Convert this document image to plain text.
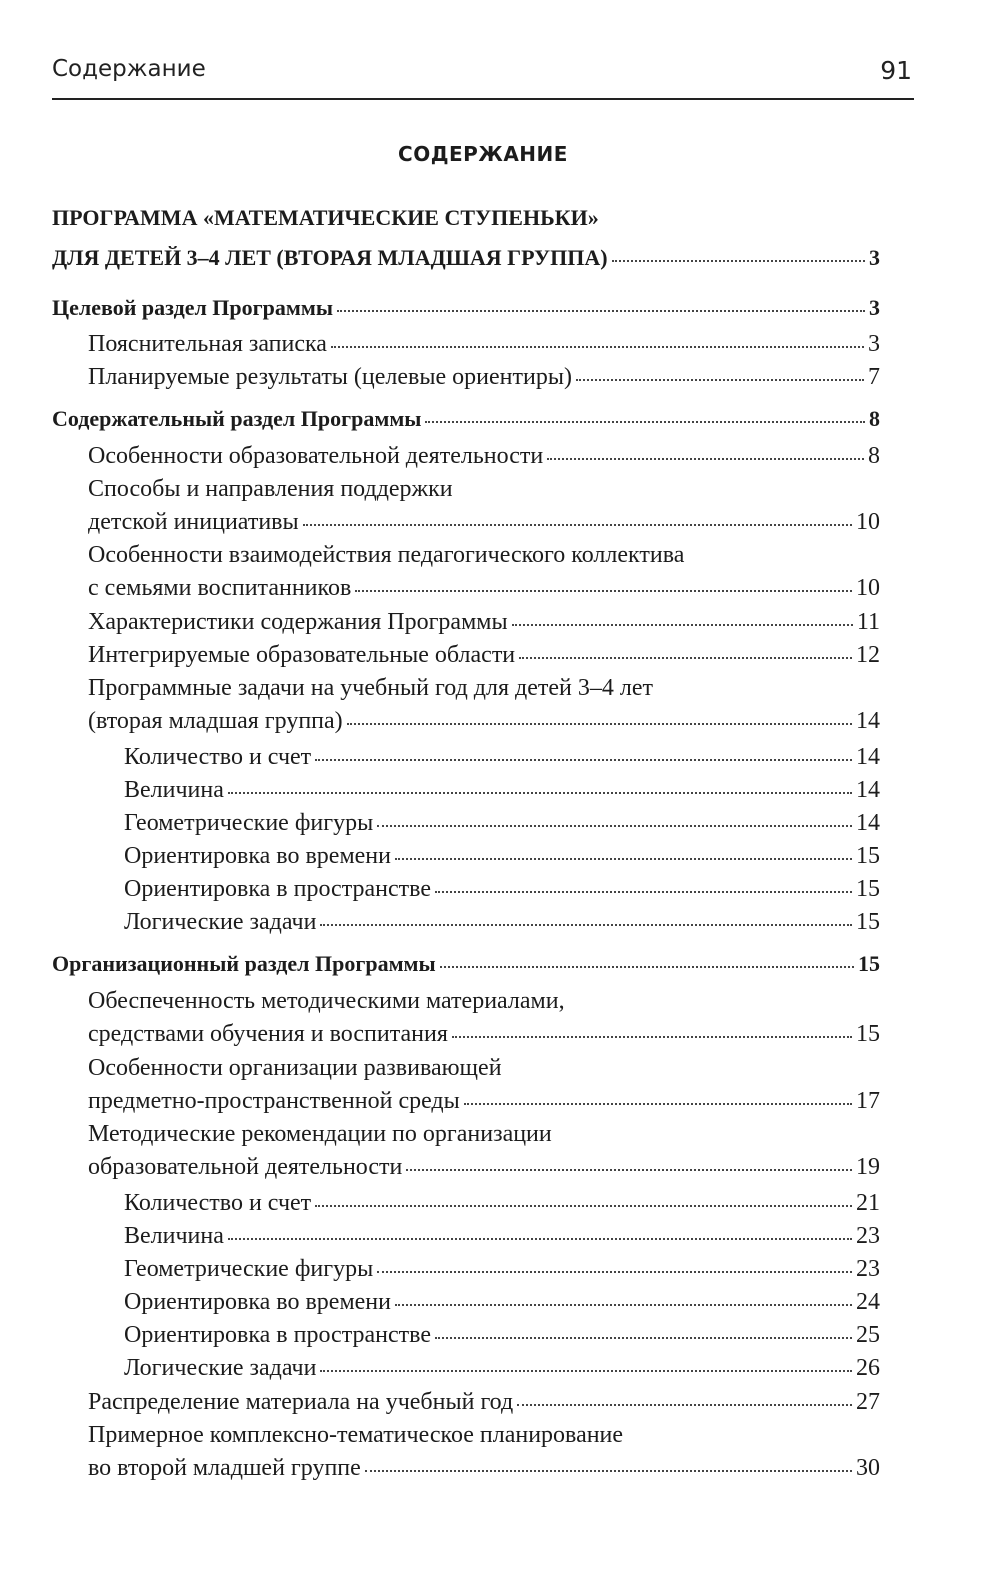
Содержание	91
СОДЕРЖАНИЕ
ПРОГРАММА «МАТЕМАТИЧЕСКИЕ СТУПЕНЬКИ»
ДЛЯ ДЕТЕЙ 3–4 ЛЕТ (ВТОРАЯ МЛАДШАЯ ГРУППА)	3
Целевой раздел Программы	3
Пояснительная записка	3
Планируемые результаты (целевые ориентиры)	7
Содержательный раздел Программы	8
Особенности образовательной деятельности	8
Способы и направления поддержки
детской инициативы	10
Особенности взаимодействия педагогического коллектива
с семьями воспитанников	10
Характеристики содержания Программы	11
Интегрируемые образовательные области	12
Программные задачи на учебный год для детей 3–4 лет
(вторая младшая группа)	14
Количество и счет	14
Величина	14
Геометрические фигуры	14
Ориентировка во времени	15
Ориентировка в пространстве	15
Логические задачи	15
Организационный раздел Программы	15
Обеспеченность методическими материалами,
средствами обучения и воспитания	15
Особенности организации развивающей
предметно-пространственной среды	17
Методические рекомендации по организации
образовательной деятельности	19
Количество и счет	21
Величина	23
Геометрические фигуры	23
Ориентировка во времени	24
Ориентировка в пространстве	25
Логические задачи	26
Распределение материала на учебный год	27
Примерное комплексно-тематическое планирование
во второй младшей группе	30
